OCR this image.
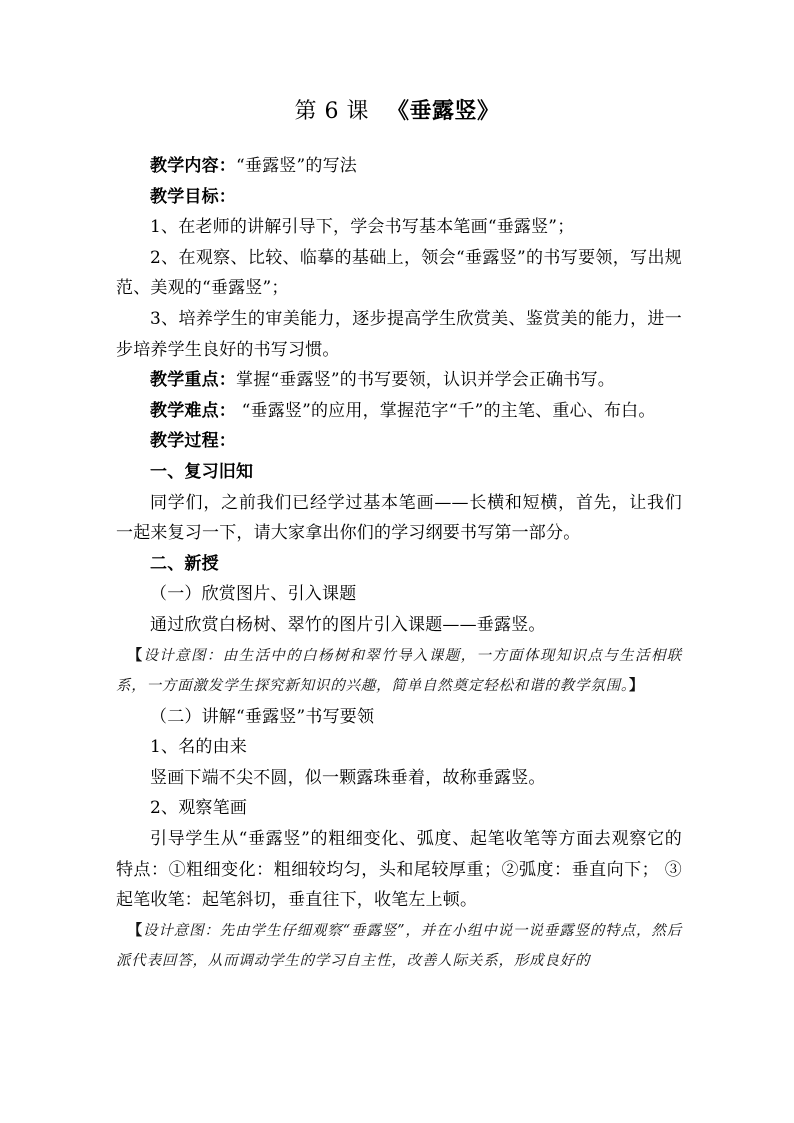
第 6 课 《垂露竖》

教学内容：“垂露竖”的写法

教学目标：

1、在老师的讲解引导下，学会书写基本笔画“垂露竖”；

2、在观察、比较、临摹的基础上，领会“垂露竖”的书写要领，写出规范、美观的“垂露竖”；

3、培养学生的审美能力，逐步提高学生欣赏美、鉴赏美的能力，进一步培养学生良好的书写习惯。

教学重点：掌握“垂露竖”的书写要领，认识并学会正确书写。

教学难点： “垂露竖”的应用，掌握范字“千”的主笔、重心、布白。

教学过程：

一、复习旧知

同学们，之前我们已经学过基本笔画——长横和短横，首先，让我们一起来复习一下，请大家拿出你们的学习纲要书写第一部分。

二、新授

（一）欣赏图片、引入课题

通过欣赏白杨树、翠竹的图片引入课题——垂露竖。

【设计意图：由生活中的白杨树和翠竹导入课题，一方面体现知识点与生活相联系，一方面激发学生探究新知识的兴趣，简单自然奠定轻松和谐的教学氛围。】

（二）讲解“垂露竖”书写要领

1、名的由来

竖画下端不尖不圆，似一颗露珠垂着，故称垂露竖。

2、观察笔画

引导学生从“垂露竖”的粗细变化、弧度、起笔收笔等方面去观察它的特点：①粗细变化：粗细较均匀，头和尾较厚重；②弧度：垂直向下； ③起笔收笔：起笔斜切，垂直往下，收笔左上顿。

【设计意图：先由学生仔细观察“垂露竖”，并在小组中说一说垂露竖的特点，然后派代表回答，从而调动学生的学习自主性，改善人际关系，形成良好的
